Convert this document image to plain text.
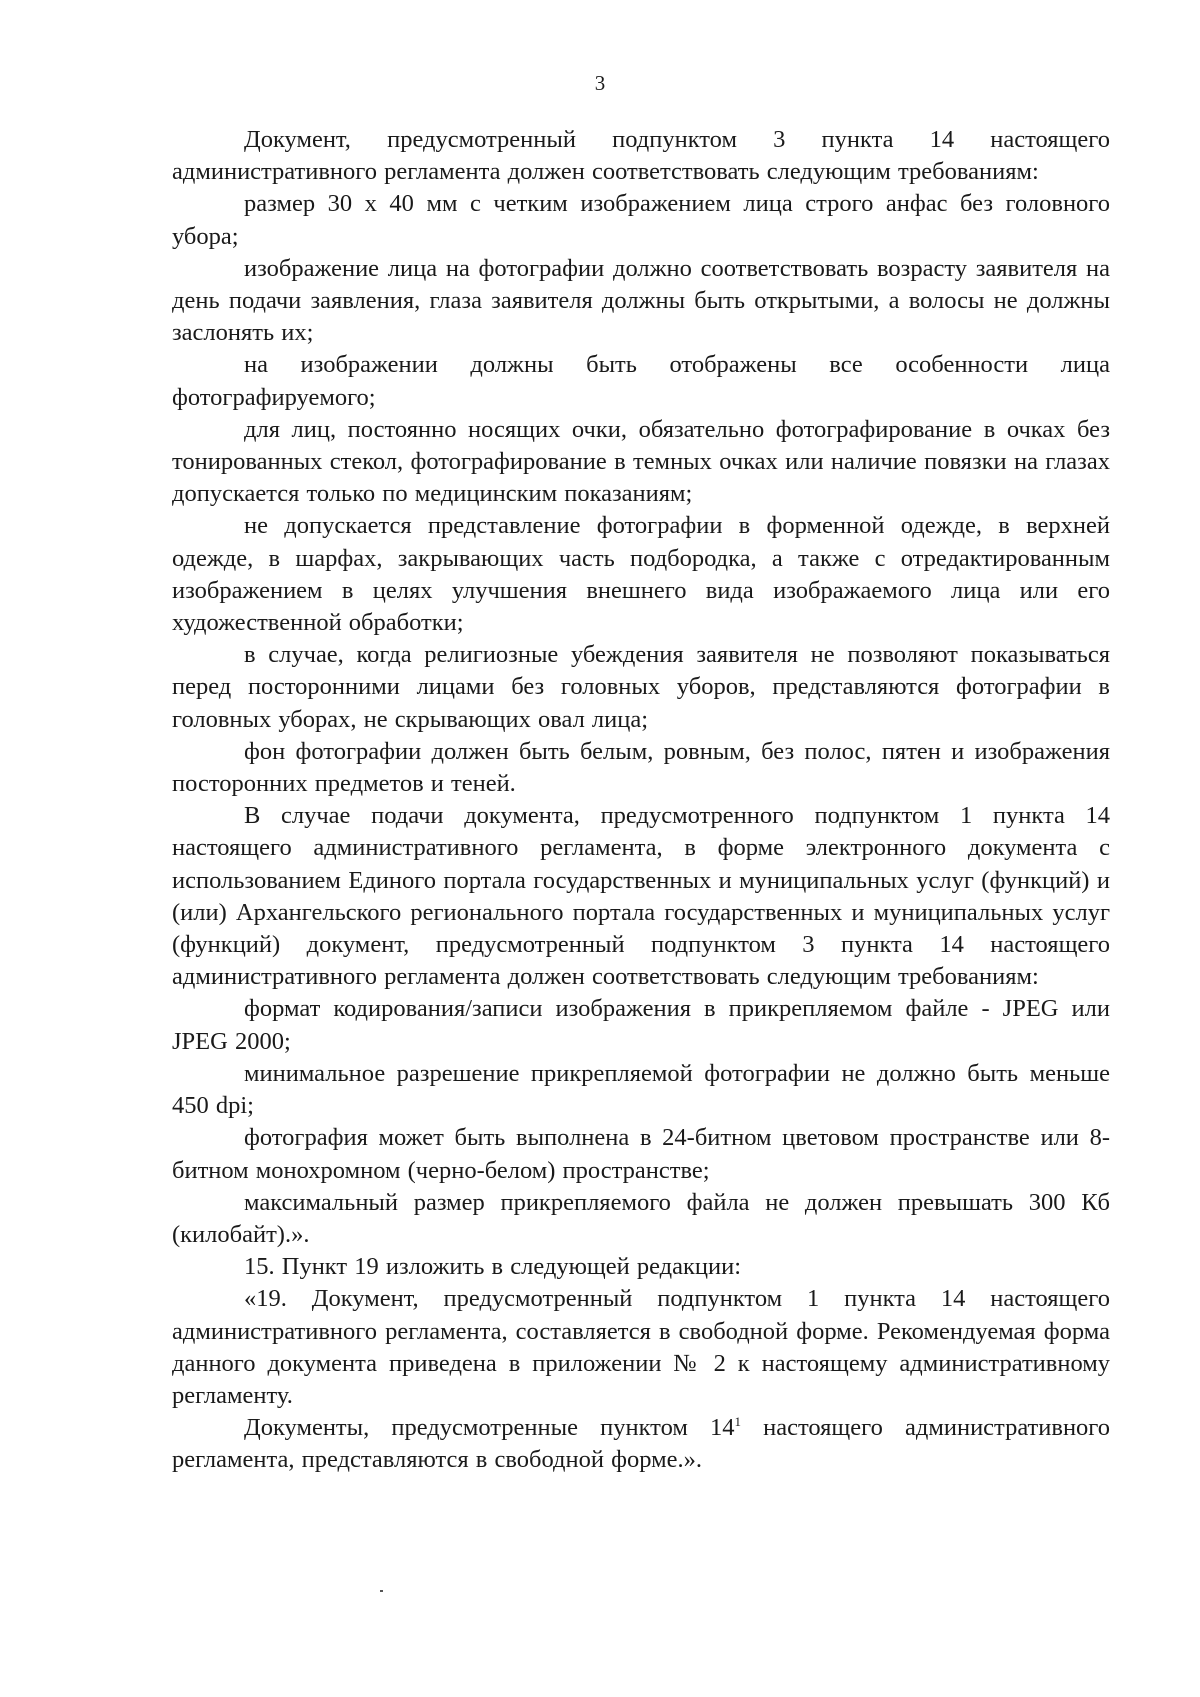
3

Документ, предусмотренный подпунктом 3 пункта 14 настоящего административного регламента должен соответствовать следующим требованиям:

размер 30 x 40 мм с четким изображением лица строго анфас без головного убора;

изображение лица на фотографии должно соответствовать возрасту заявителя на день подачи заявления, глаза заявителя должны быть открытыми, а волосы не должны заслонять их;

на изображении должны быть отображены все особенности лица фотографируемого;

для лиц, постоянно носящих очки, обязательно фотографирование в очках без тонированных стекол, фотографирование в темных очках или наличие повязки на глазах допускается только по медицинским показаниям;

не допускается представление фотографии в форменной одежде, в верхней одежде, в шарфах, закрывающих часть подбородка, а также с отредактированным изображением в целях улучшения внешнего вида изображаемого лица или его художественной обработки;

в случае, когда религиозные убеждения заявителя не позволяют показываться перед посторонними лицами без головных уборов, представляются фотографии в головных уборах, не скрывающих овал лица;

фон фотографии должен быть белым, ровным, без полос, пятен и изображения посторонних предметов и теней.

В случае подачи документа, предусмотренного подпунктом 1 пункта 14 настоящего административного регламента, в форме электронного документа с использованием Единого портала государственных и муниципальных услуг (функций) и (или) Архангельского регионального портала государственных и муниципальных услуг (функций) документ, предусмотренный подпунктом 3 пункта 14 настоящего административного регламента должен соответствовать следующим требованиям:

формат кодирования/записи изображения в прикрепляемом файле - JPEG или JPEG 2000;

минимальное разрешение прикрепляемой фотографии не должно быть меньше 450 dpi;

фотография может быть выполнена в 24-битном цветовом пространстве или 8-битном монохромном (черно-белом) пространстве;

максимальный размер прикрепляемого файла не должен превышать 300 Кб (килобайт).».

15. Пункт 19 изложить в следующей редакции:

«19. Документ, предусмотренный подпунктом 1 пункта 14 настоящего административного регламента, составляется в свободной форме. Рекомендуемая форма данного документа приведена в приложении № 2 к настоящему административному регламенту.

Документы, предусмотренные пунктом $14^1$ настоящего административного регламента, представляются в свободной форме.».
